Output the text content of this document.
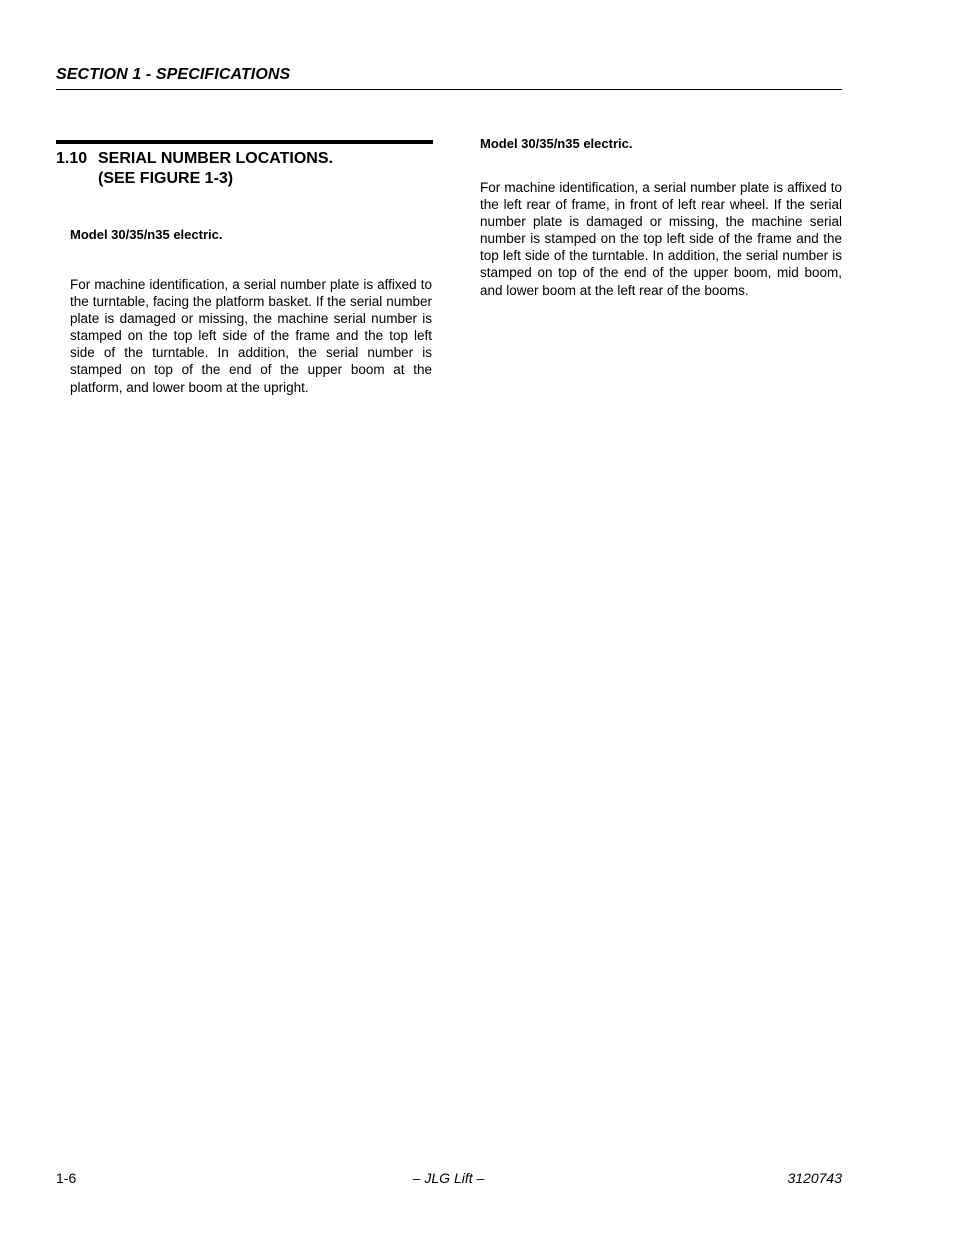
SECTION 1 - SPECIFICATIONS
1.10 SERIAL NUMBER LOCATIONS.
(SEE FIGURE 1-3)
Model 30/35/n35 electric.
For machine identification, a serial number plate is affixed to the turntable, facing the platform basket. If the serial number plate is damaged or missing, the machine serial number is stamped on the top left side of the frame and the top left side of the turntable. In addition, the serial number is stamped on top of the end of the upper boom at the platform, and lower boom at the upright.
Model 30/35/n35 electric.
For machine identification, a serial number plate is affixed to the left rear of frame, in front of left rear wheel. If the serial number plate is damaged or missing, the machine serial number is stamped on the top left side of the frame and the top left side of the turntable. In addition, the serial number is stamped on top of the end of the upper boom, mid boom, and lower boom at the left rear of the booms.
1-6	– JLG Lift –	3120743
